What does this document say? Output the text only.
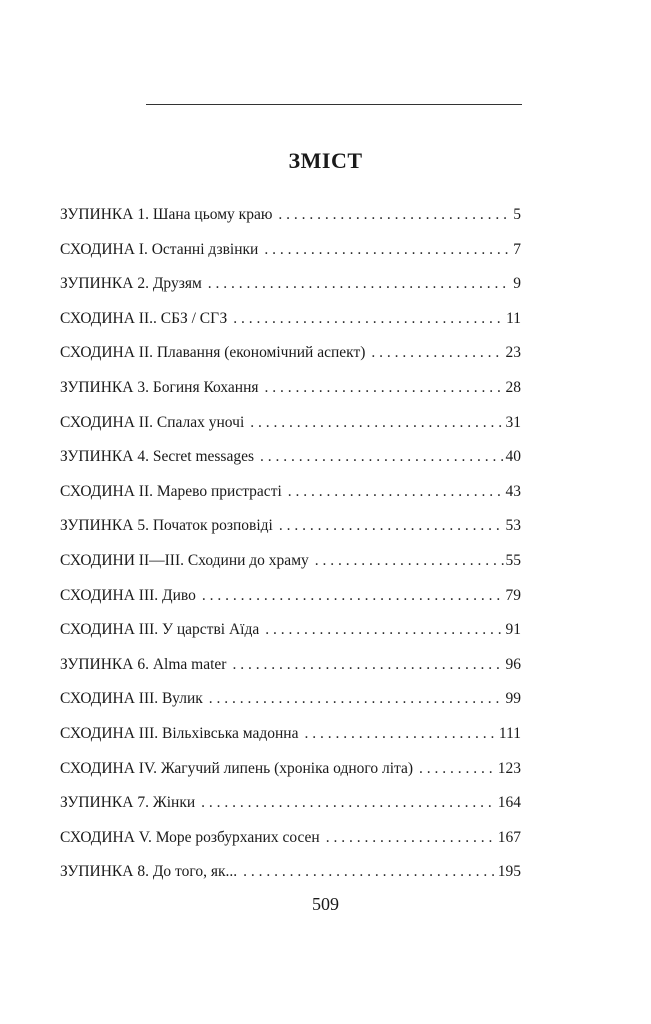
ЗМІСТ
ЗУПИНКА 1. Шана цьому краю . . .	5
СХОДИНА І. Останні дзвінки . . .	7
ЗУПИНКА 2. Друзям . . .	9
СХОДИНА ІІ.. СБЗ / СГЗ . . .	11
СХОДИНА ІІ. Плавання (економічний аспект) . . .	23
ЗУПИНКА 3. Богиня Кохання . . .	28
СХОДИНА ІІ. Спалах уночі . . .	31
ЗУПИНКА 4. Secret messages . . .	40
СХОДИНА ІІ. Марево пристрасті . . .	43
ЗУПИНКА 5. Початок розповіді . . .	53
СХОДИНИ ІІ—ІІІ. Сходини до храму . . .	55
СХОДИНА ІІІ. Диво . . .	79
СХОДИНА ІІІ. У царстві Аїда . . .	91
ЗУПИНКА 6. Alma mater . . .	96
СХОДИНА ІІІ. Вулик . . .	99
СХОДИНА ІІІ. Вільхівська мадонна . . .	111
СХОДИНА IV. Жагучий липень (хроніка одного літа) . . .	123
ЗУПИНКА 7. Жінки . . .	164
СХОДИНА V. Море розбурханих сосен . . .	167
ЗУПИНКА 8. До того, як... . . .	195
509
